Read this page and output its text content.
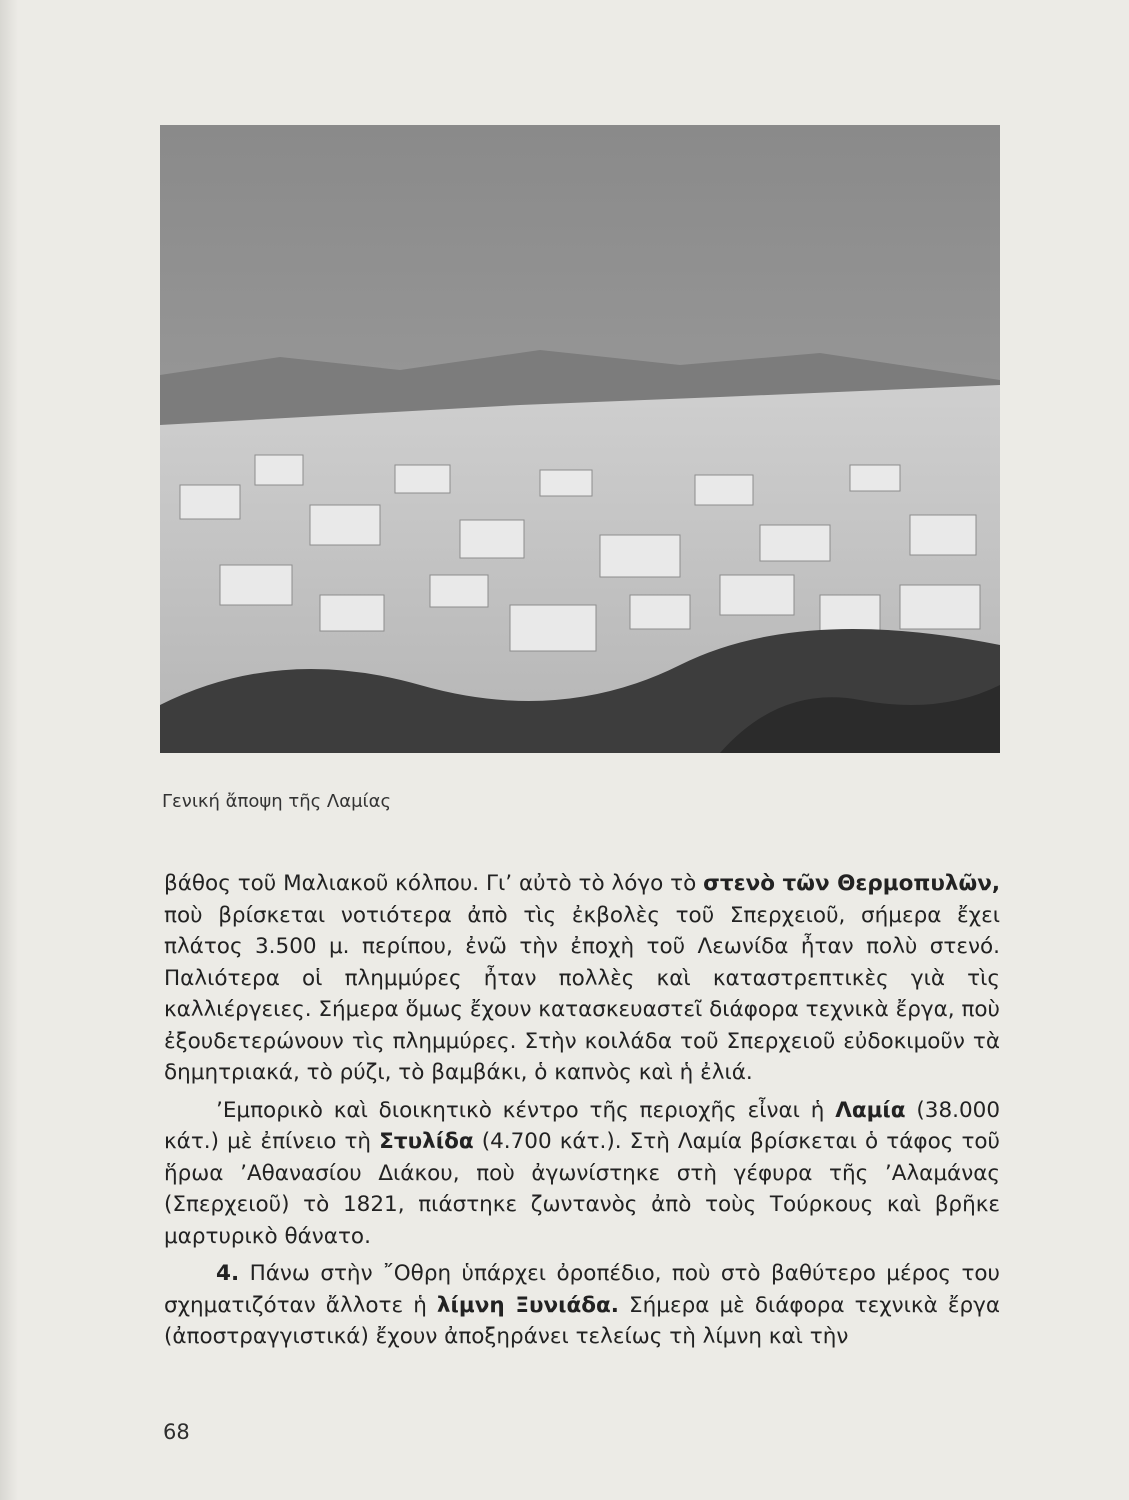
Γενική ἄποψη τῆς Λαμίας

βάθος τοῦ Μαλιακοῦ κόλπου. Γι’ αὐτὸ τὸ λόγο τὸ στενὸ τῶν Θερμοπυλῶν, ποὺ βρίσκεται νοτιότερα ἀπὸ τὶς ἐκβολὲς τοῦ Σπερχειοῦ, σήμερα ἔχει πλάτος 3.500 μ. περίπου, ἐνῶ τὴν ἐποχὴ τοῦ Λεωνίδα ἦταν πολὺ στενό. Παλιότερα οἱ πλημμύρες ἦταν πολλὲς καὶ καταστρεπτικὲς γιὰ τὶς καλλιέργειες. Σήμερα ὅμως ἔχουν κατασκευαστεῖ διάφορα τεχνικὰ ἔργα, ποὺ ἐξουδετερώνουν τὶς πλημμύρες. Στὴν κοιλάδα τοῦ Σπερχειοῦ εὐδοκιμοῦν τὰ δημητριακά, τὸ ρύζι, τὸ βαμβάκι, ὁ καπνὸς καὶ ἡ ἐλιά.

’Εμπορικὸ καὶ διοικητικὸ κέντρο τῆς περιοχῆς εἶναι ἡ Λαμία (38.000 κάτ.) μὲ ἐπίνειο τὴ Στυλίδα (4.700 κάτ.). Στὴ Λαμία βρίσκεται ὁ τάφος τοῦ ἥρωα ’Αθανασίου Διάκου, ποὺ ἀγωνίστηκε στὴ γέφυρα τῆς ’Αλαμάνας (Σπερχειοῦ) τὸ 1821, πιάστηκε ζωντανὸς ἀπὸ τοὺς Τούρκους καὶ βρῆκε μαρτυρικὸ θάνατο.

4. Πάνω στὴν ῎Οθρη ὑπάρχει ὀροπέδιο, ποὺ στὸ βαθύτερο μέρος του σχηματιζόταν ἄλλοτε ἡ λίμνη Ξυνιάδα. Σήμερα μὲ διάφορα τεχνικὰ ἔργα (ἀποστραγγιστικά) ἔχουν ἀποξηράνει τελείως τὴ λίμνη καὶ τὴν

68
